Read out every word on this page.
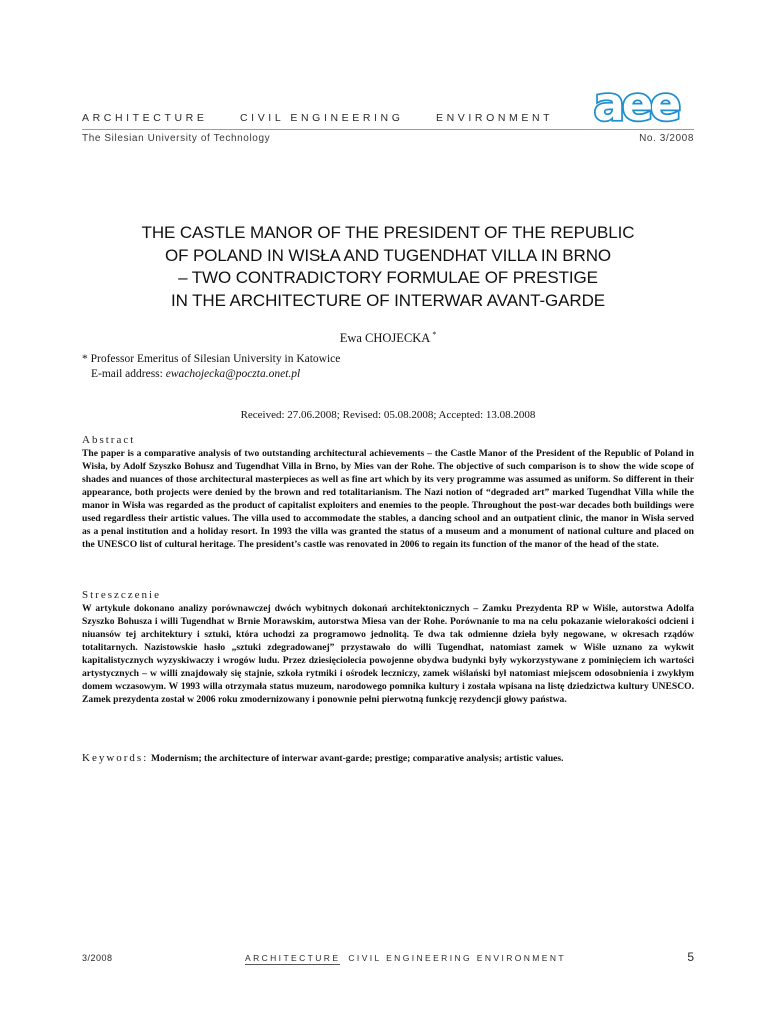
ARCHITECTURE	CIVIL ENGINEERING	ENVIRONMENT
The Silesian University of Technology	No. 3/2008
aee
THE CASTLE MANOR OF THE PRESIDENT OF THE REPUBLIC
OF POLAND IN WISŁA AND TUGENDHAT VILLA IN BRNO
– TWO CONTRADICTORY FORMULAE OF PRESTIGE
IN THE ARCHITECTURE OF INTERWAR AVANT-GARDE
Ewa CHOJECKA *
* Professor Emeritus of Silesian University in Katowice
E-mail address: ewachojecka@poczta.onet.pl
Received: 27.06.2008; Revised: 05.08.2008; Accepted: 13.08.2008
Abstract
The paper is a comparative analysis of two outstanding architectural achievements – the Castle Manor of the President of the Republic of Poland in Wisła, by Adolf Szyszko Bohusz and Tugendhat Villa in Brno, by Mies van der Rohe. The objective of such comparison is to show the wide scope of shades and nuances of those architectural masterpieces as well as fine art which by its very programme was assumed as uniform. So different in their appearance, both projects were denied by the brown and red totalitarianism. The Nazi notion of “degraded art” marked Tugendhat Villa while the manor in Wisła was regarded as the product of capitalist exploiters and enemies to the people. Throughout the post-war decades both buildings were used regardless their artistic values. The villa used to accommodate the stables, a dancing school and an outpatient clinic, the manor in Wisła served as a penal institution and a holiday resort. In 1993 the villa was granted the status of a museum and a monument of national culture and placed on the UNESCO list of cultural heritage. The president’s castle was renovated in 2006 to regain its function of the manor of the head of the state.
Streszczenie
W artykule dokonano analizy porównawczej dwóch wybitnych dokonań architektonicznych – Zamku Prezydenta RP w Wiśle, autorstwa Adolfa Szyszko Bohusza i willi Tugendhat w Brnie Morawskim, autorstwa Miesa van der Rohe. Porównanie to ma na celu pokazanie wielorakości odcieni i niuansów tej architektury i sztuki, która uchodzi za programowo jednolitą. Te dwa tak odmienne dzieła były negowane, w okresach rządów totalitarnych. Nazistowskie hasło „sztuki zdegradowanej” przystawało do willi Tugendhat, natomiast zamek w Wiśle uznano za wykwit kapitalistycznych wyzyskiwaczy i wrogów ludu. Przez dziesięciolecia powojenne obydwa budynki były wykorzystywane z pominięciem ich wartości artystycznych – w willi znajdowały się stajnie, szkoła rytmiki i ośrodek leczniczy, zamek wiślański był natomiast miejscem odosobnienia i zwykłym domem wczasowym. W 1993 willa otrzymała status muzeum, narodowego pomnika kultury i została wpisana na listę dziedzictwa kultury UNESCO. Zamek prezydenta został w 2006 roku zmodernizowany i ponownie pełni pierwotną funkcję rezydencji głowy państwa.
Keywords: Modernism; the architecture of interwar avant-garde; prestige; comparative analysis; artistic values.
3/2008	ARCHITECTURE CIVIL ENGINEERING ENVIRONMENT	5
